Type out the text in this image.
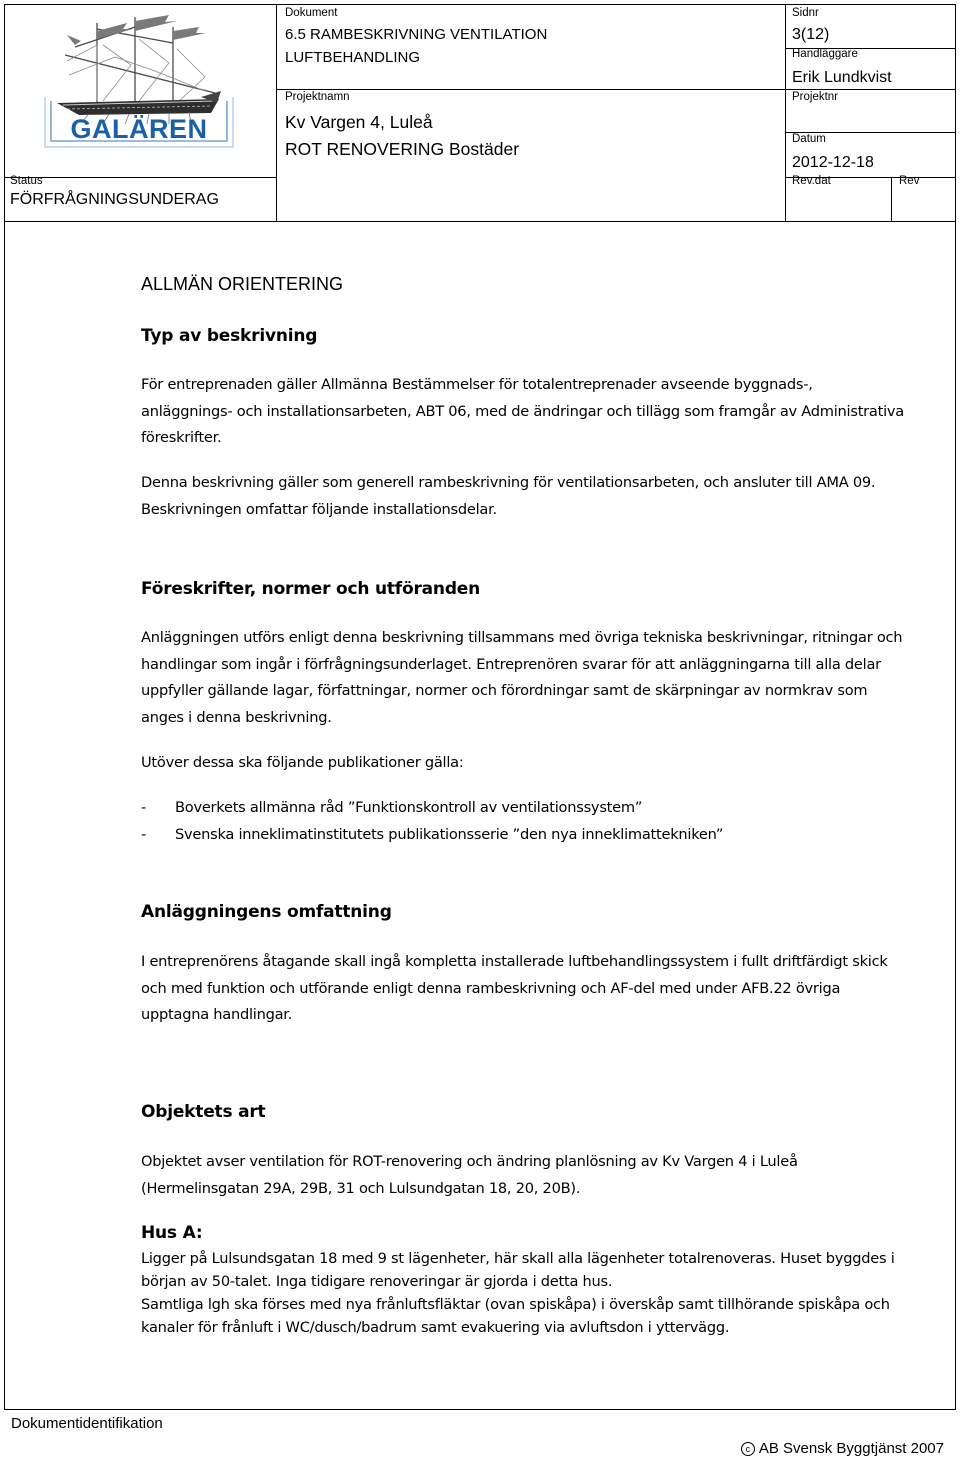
GALÄREN
Status
FÖRFRÅGNINGSUNDERAG
Dokument
6.5 RAMBESKRIVNING VENTILATION
LUFTBEHANDLING
Projektnamn
Kv Vargen 4, Luleå
ROT RENOVERING Bostäder
Sidnr
3(12)
Handläggare
Erik Lundkvist
Projektnr
Datum
2012-12-18
Rev.dat	Rev
ALLMÄN ORIENTERING
Typ av beskrivning
För entreprenaden gäller Allmänna Bestämmelser för totalentreprenader avseende byggnads-,
anläggnings- och installationsarbeten, ABT 06, med de ändringar och tillägg som framgår av Administrativa
föreskrifter.
Denna beskrivning gäller som generell rambeskrivning för ventilationsarbeten, och ansluter till AMA 09.
Beskrivningen omfattar följande installationsdelar.
Föreskrifter, normer och utföranden
Anläggningen utförs enligt denna beskrivning tillsammans med övriga tekniska beskrivningar, ritningar och
handlingar som ingår i förfrågningsunderlaget. Entreprenören svarar för att anläggningarna till alla delar
uppfyller gällande lagar, författningar, normer och förordningar samt de skärpningar av normkrav som
anges i denna beskrivning.
Utöver dessa ska följande publikationer gälla:
- Boverkets allmänna råd ”Funktionskontroll av ventilationssystem”
- Svenska inneklimatinstitutets publikationsserie ”den nya inneklimattekniken”
Anläggningens omfattning
I entreprenörens åtagande skall ingå kompletta installerade luftbehandlingssystem i fullt driftfärdigt skick
och med funktion och utförande enligt denna rambeskrivning och AF-del med under AFB.22 övriga
upptagna handlingar.
Objektets art
Objektet avser ventilation för ROT-renovering och ändring planlösning av Kv Vargen 4 i Luleå
(Hermelinsgatan 29A, 29B, 31 och Lulsundgatan 18, 20, 20B).
Hus A:
Ligger på Lulsundsgatan 18 med 9 st lägenheter, här skall alla lägenheter totalrenoveras. Huset byggdes i
början av 50-talet. Inga tidigare renoveringar är gjorda i detta hus.
Samtliga lgh ska förses med nya frånluftsfläktar (ovan spiskåpa) i överskåp samt tillhörande spiskåpa och
kanaler för frånluft i WC/dusch/badrum samt evakuering via avluftsdon i yttervägg.
Dokumentidentifikation
c AB Svensk Byggtjänst 2007
